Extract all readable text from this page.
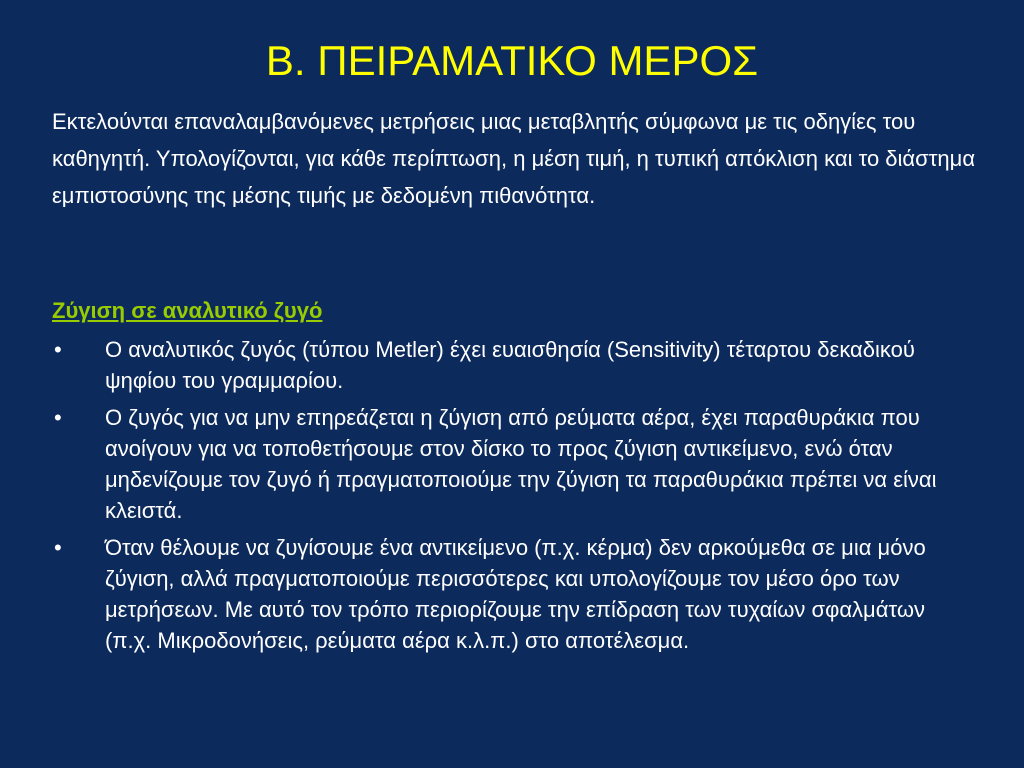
Β. ΠΕΙΡΑΜΑΤΙΚΟ ΜΕΡΟΣ

Εκτελούνται επαναλαμβανόμενες μετρήσεις μιας μεταβλητής σύμφωνα με τις οδηγίες του καθηγητή. Υπολογίζονται, για κάθε περίπτωση, η μέση τιμή, η τυπική απόκλιση και το διάστημα εμπιστοσύνης της μέσης τιμής με δεδομένη πιθανότητα.

Ζύγιση σε αναλυτικό ζυγό

• Ο αναλυτικός ζυγός (τύπου Metler) έχει ευαισθησία (Sensitivity) τέταρτου δεκαδικού ψηφίου του γραμμαρίου.
• Ο ζυγός για να μην επηρεάζεται η ζύγιση από ρεύματα αέρα, έχει παραθυράκια που ανοίγουν για να τοποθετήσουμε στον δίσκο το προς ζύγιση αντικείμενο, ενώ όταν μηδενίζουμε τον ζυγό ή πραγματοποιούμε την ζύγιση τα παραθυράκια πρέπει να είναι κλειστά.
• Όταν θέλουμε να ζυγίσουμε ένα αντικείμενο (π.χ. κέρμα) δεν αρκούμεθα σε μια μόνο ζύγιση, αλλά πραγματοποιούμε περισσότερες και υπολογίζουμε τον μέσο όρο των μετρήσεων. Με αυτό τον τρόπο περιορίζουμε την επίδραση των τυχαίων σφαλμάτων (π.χ. Μικροδονήσεις, ρεύματα αέρα κ.λ.π.) στο αποτέλεσμα.
